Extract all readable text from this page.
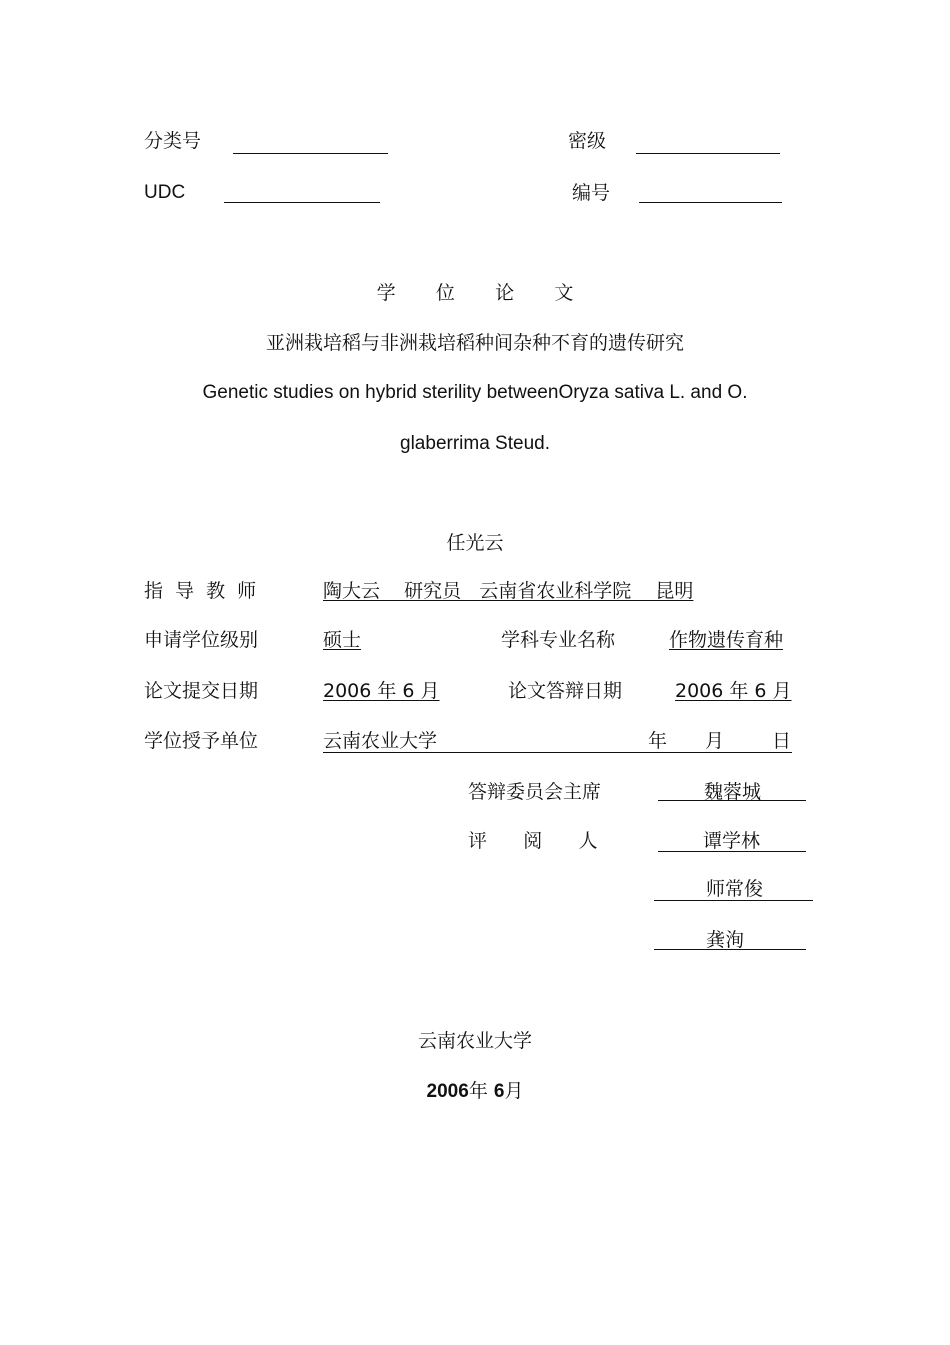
分类号	密级
UDC	编号
学 位 论 文
亚洲栽培稻与非洲栽培稻种间杂种不育的遗传研究
Genetic studies on hybrid sterility betweenOryza sativa L. and O.
glaberrima Steud.
任光云
指 导 教 师	陶大云    研究员   云南省农业科学院    昆明
申请学位级别	硕士	学科专业名称	作物遗传育种
论文提交日期	2006 年 6 月	论文答辩日期	2006 年 6 月
学位授予单位	云南农业大学	年 月	日
答辩委员会主席	魏蓉城
评      阅      人	谭学林
师常俊
龚洵
云南农业大学
2006年 6月
